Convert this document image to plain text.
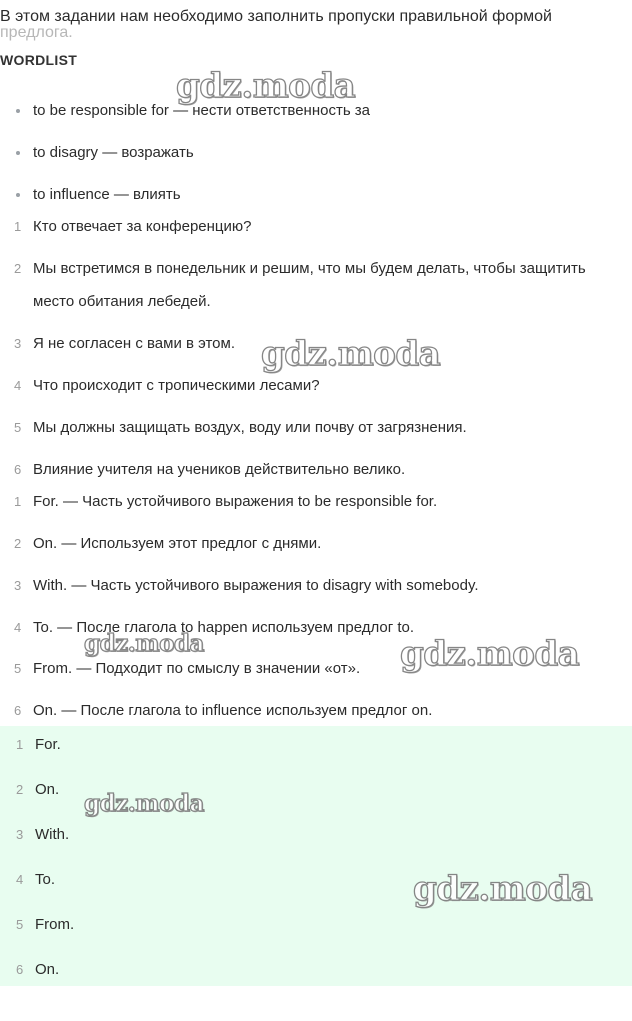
В этом задании нам необходимо заполнить пропуски правильной формой
предлога.
WORDLIST
to be responsible for — нести ответственность за
to disagry — возражать
to influence — влиять
1 Кто отвечает за конференцию?
2 Мы встретимся в понедельник и решим, что мы будем делать, чтобы защитить место обитания лебедей.
3 Я не согласен с вами в этом.
4 Что происходит с тропическими лесами?
5 Мы должны защищать воздух, воду или почву от загрязнения.
6 Влияние учителя на учеников действительно велико.
1 For. — Часть устойчивого выражения to be responsible for.
2 On. — Используем этот предлог с днями.
3 With. — Часть устойчивого выражения to disagry with somebody.
4 To. — После глагола to happen используем предлог to.
5 From. — Подходит по смыслу в значении «от».
6 On. — После глагола to influence используем предлог on.
1 For.
2 On.
3 With.
4 To.
5 From.
6 On.
gdz.moda
gdz.moda
gdz.moda	gdz.moda
gdz.moda
gdz.moda
